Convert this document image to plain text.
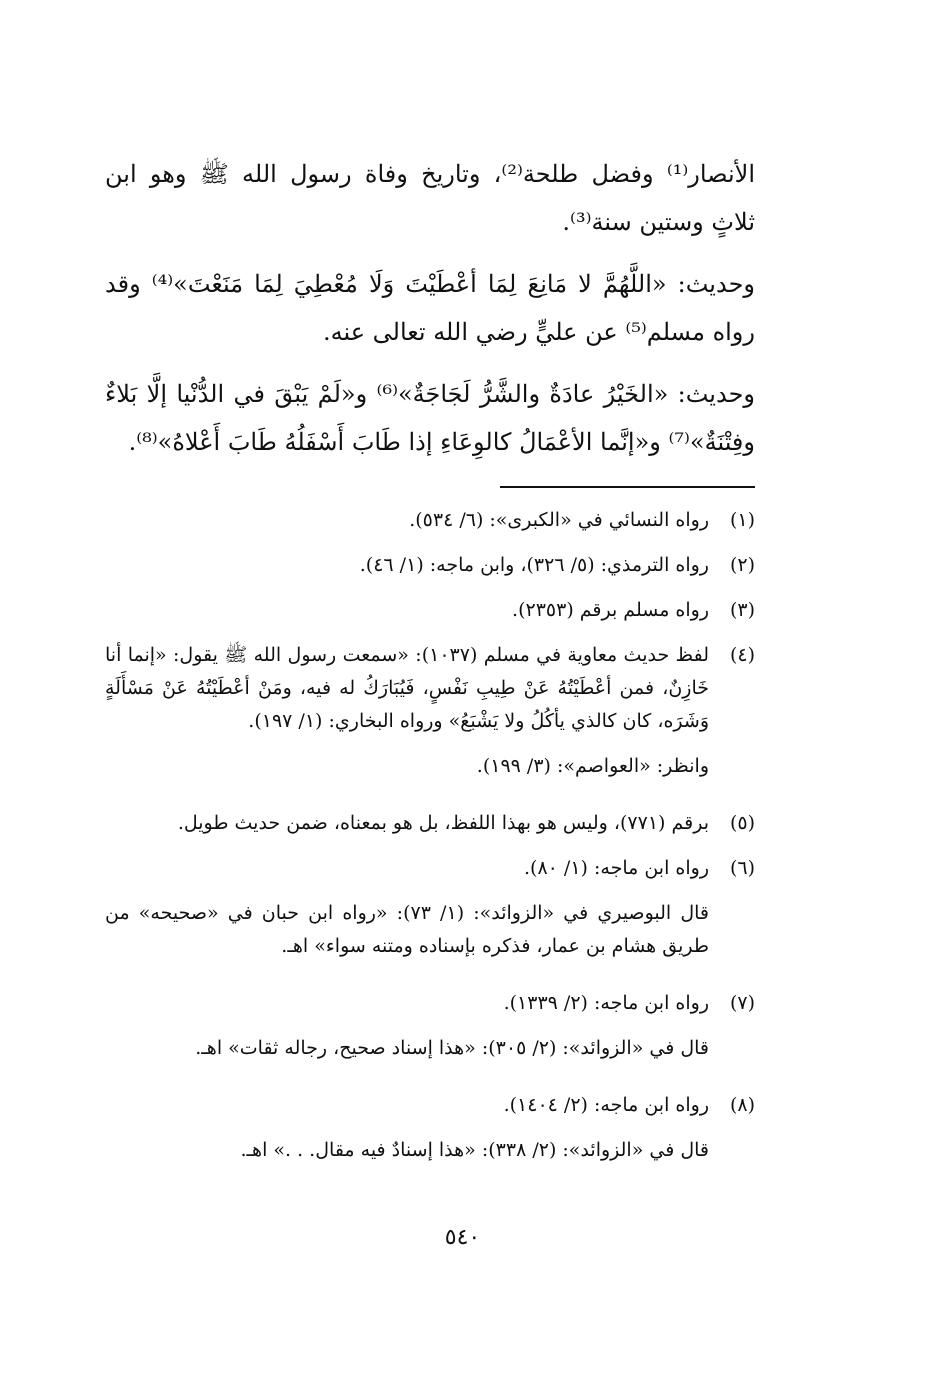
الأنصار⁽¹⁾ وفضل طلحة⁽²⁾، وتاريخ وفاة رسول الله ﷺ وهو ابن ثلاثٍ وستين سنة⁽³⁾.

وحديث: «اللَّهُمَّ لا مَانِعَ لِمَا أعْطَيْتَ وَلَا مُعْطِيَ لِمَا مَنَعْتَ»⁽⁴⁾ وقد رواه مسلم⁽⁵⁾ عن عليٍّ رضي الله تعالى عنه.

وحديث: «الخَيْرُ عادَةٌ والشَّرُّ لَجَاجَةٌ»⁽⁶⁾ و«لَمْ يَبْقَ في الدُّنْيا إلَّا بَلاءٌ وفِتْنَةٌ»⁽⁷⁾ و«إنَّما الأعْمَالُ كالوِعَاءِ إذا طَابَ أَسْفَلُهُ طَابَ أَعْلاهُ»⁽⁸⁾.

(١)
رواه النسائي في «الكبرى»: (٦/ ٥٣٤).
(٢)
رواه الترمذي: (٥/ ٣٢٦)، وابن ماجه: (١/ ٤٦).
(٣)
رواه مسلم برقم (٢٣٥٣).
(٤)
لفظ حديث معاوية في مسلم (١٠٣٧): «سمعت رسول الله ﷺ يقول: «إنما أنا خَازِنٌ، فمن أعْطَيْتُهُ عَنْ طِيبِ نَفْسٍ، فَيُبَارَكُ له فيه، ومَنْ أعْطَيْتُهُ عَنْ مَسْأَلَةٍ وَشَرَه، كان كالذي يأكُلُ ولا يَشْبَعُ» ورواه البخاري: (١/ ١٩٧).
وانظر: «العواصم»: (٣/ ١٩٩).
(٥)
برقم (٧٧١)، وليس هو بهذا اللفظ، بل هو بمعناه، ضمن حديث طويل.
(٦)
رواه ابن ماجه: (١/ ٨٠).
قال البوصيري في «الزوائد»: (١/ ٧٣): «رواه ابن حبان في «صحيحه» من طريق هشام بن عمار، فذكره بإسناده ومتنه سواء» اهـ.
(٧)
رواه ابن ماجه: (٢/ ١٣٣٩).
قال في «الزوائد»: (٢/ ٣٠٥): «هذا إسناد صحيح، رجاله ثقات» اهـ.
(٨)
رواه ابن ماجه: (٢/ ١٤٠٤).
قال في «الزوائد»: (٢/ ٣٣٨): «هذا إسنادٌ فيه مقال. . .» اهـ.
٥٤٠
